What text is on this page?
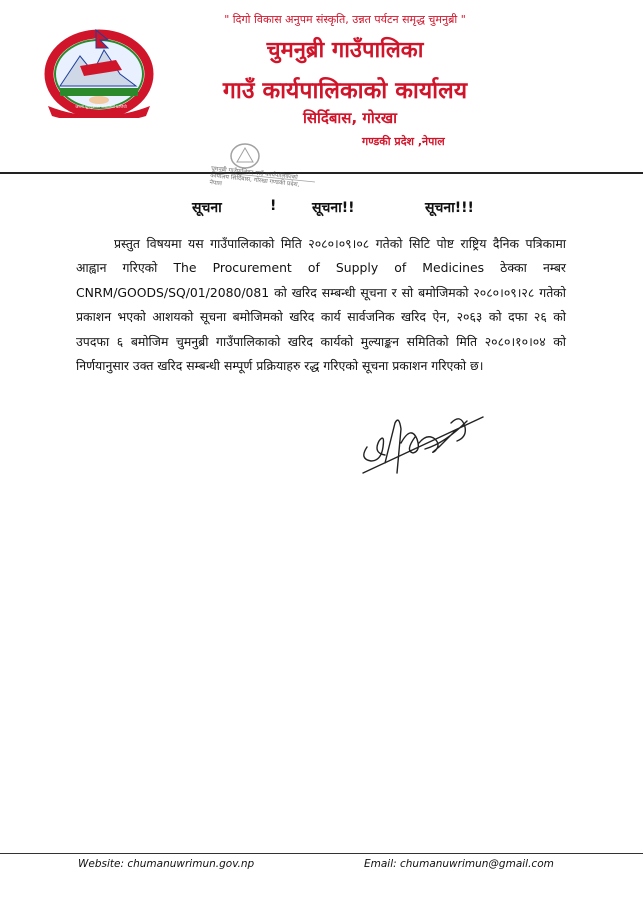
जनता चुमनुब्रीको अब्बलियो प्राणियो
" दिगो विकास अनुपम संस्कृति, उन्नत पर्यटन समृद्ध चुमनुब्री "
चुमनुब्री गाउँपालिका
गाउँ कार्यपालिकाको कार्यालय
सिर्दिबास, गोरखा
गण्डकी प्रदेश ,नेपाल
चुमनुब्री गाउँपालिका गाउँ कार्यपालिकाको कार्यालय सिर्दिबास, गोरखा गण्डकी प्रदेश, नेपाल
सूचना	!	सूचना!!	सूचना!!!
प्रस्तुत विषयमा यस गाउँपालिकाको मिति २०८०।०९।०८ गतेको सिटि पोष्ट राष्ट्रिय दैनिक पत्रिकामा आह्वान गरिएको The Procurement of Supply of Medicines ठेक्का नम्बर CNRM/GOODS/SQ/01/2080/081 को खरिद सम्बन्धी सूचना र सो बमोजिमको २०८०।०९।२८ गतेको प्रकाशन भएको आशयको सूचना बमोजिमको खरिद कार्य सार्वजनिक खरिद ऐन, २०६३ को दफा २६ को उपदफा ६ बमोजिम चुमनुब्री गाउँपालिकाको खरिद कार्यको मुल्याङ्कन समितिको मिति २०८०।१०।०४ को निर्णयानुसार उक्त खरिद सम्बन्धी सम्पूर्ण प्रक्रियाहरु रद्ध गरिएको सूचना प्रकाशन गरिएको छ।
Website: chumanuwrimun.gov.np	Email: chumanuwrimun@gmail.com
